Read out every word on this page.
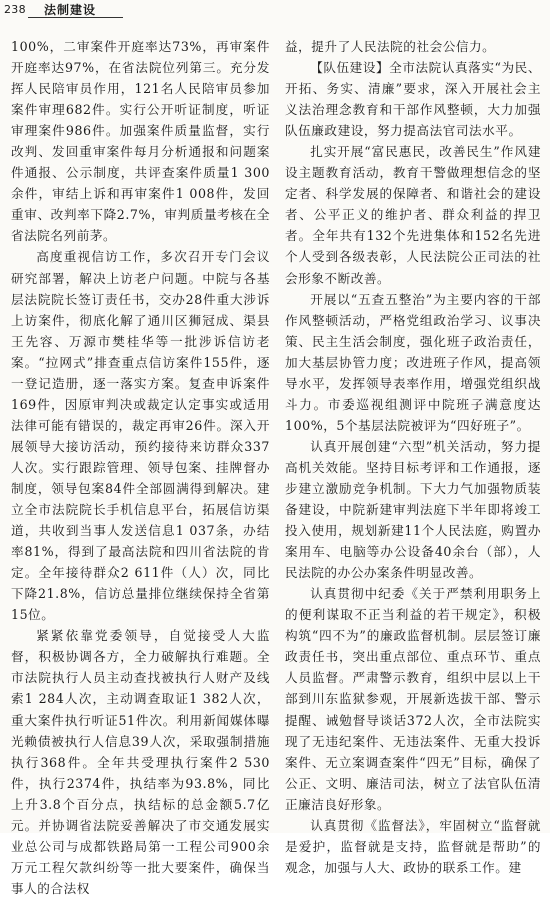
238 法制建设

100%，二审案件开庭率达73%，再审案件开庭率达97%，在省法院位列第三。充分发挥人民陪审员作用，121名人民陪审员参加案件审理682件。实行公开听证制度，听证审理案件986件。加强案件质量监督，实行改判、发回重审案件每月分析通报和问题案件通报、公示制度，共评查案件质量1 300余件，审结上诉和再审案件1 008件，发回重审、改判率下降2.7%，审判质量考核在全省法院名列前茅。

高度重视信访工作，多次召开专门会议研究部署，解决上访老户问题。中院与各基层法院院长签订责任书，交办28件重大涉诉上访案件，彻底化解了通川区狮冠成、渠县王先容、万源市樊桂华等一批涉诉信访老案。“拉网式”排查重点信访案件155件，逐一登记造册，逐一落实方案。复查申诉案件169件，因原审判决或裁定认定事实或适用法律可能有错误的，裁定再审26件。深入开展领导大接访活动，预约接待来访群众337人次。实行跟踪管理、领导包案、挂牌督办制度，领导包案84件全部圆满得到解决。建立全市法院院长手机信息平台，拓展信访渠道，共收到当事人发送信息1 037条，办结率81%，得到了最高法院和四川省法院的肯定。全年接待群众2 611件（人）次，同比下降21.8%，信访总量排位继续保持全省第15位。

紧紧依靠党委领导，自觉接受人大监督，积极协调各方，全力破解执行难题。全市法院执行人员主动查找被执行人财产及线索1 284人次，主动调查取证1 382人次，重大案件执行听证51件次。利用新闻媒体曝光赖债被执行人信息39人次，采取强制措施执行368件。全年共受理执行案件2 530件，执行2374件，执结率为93.8%，同比上升3.8个百分点，执结标的总金额5.7亿元。并协调省法院妥善解决了市交通发展实业总公司与成都铁路局第一工程公司900余万元工程欠款纠纷等一批大要案件，确保当事人的合法权

益，提升了人民法院的社会公信力。

【队伍建设】全市法院认真落实“为民、开拓、务实、清廉”要求，深入开展社会主义法治理念教育和干部作风整顿，大力加强队伍廉政建设，努力提高法官司法水平。

扎实开展“富民惠民，改善民生”作风建设主题教育活动，教育干警做理想信念的坚定者、科学发展的保障者、和谐社会的建设者、公平正义的维护者、群众利益的捍卫者。全年共有132个先进集体和152名先进个人受到各级表彰，人民法院公正司法的社会形象不断改善。

开展以“五查五整治”为主要内容的干部作风整顿活动，严格党组政治学习、议事决策、民主生活会制度，强化班子政治责任，加大基层协管力度；改进班子作风，提高领导水平，发挥领导表率作用，增强党组织战斗力。市委巡视组测评中院班子满意度达100%，5个基层法院被评为“四好班子”。

认真开展创建“六型”机关活动，努力提高机关效能。坚持目标考评和工作通报，逐步建立激励竞争机制。下大力气加强物质装备建设，中院新建审判法庭下半年即将竣工投入使用，规划新建11个人民法庭，购置办案用车、电脑等办公设备40余台（部），人民法院的办公办案条件明显改善。

认真贯彻中纪委《关于严禁利用职务上的便利谋取不正当利益的若干规定》，积极构筑“四不为”的廉政监督机制。层层签订廉政责任书，突出重点部位、重点环节、重点人员监督。严肃警示教育，组织中层以上干部到川东监狱参观，开展新选拔干部、警示提醒、诫勉督导谈话372人次，全市法院实现了无违纪案件、无违法案件、无重大投诉案件、无立案调查案件“四无”目标，确保了公正、文明、廉洁司法，树立了法官队伍清正廉洁良好形象。

认真贯彻《监督法》，牢固树立“监督就是爱护，监督就是支持，监督就是帮助”的观念，加强与人大、政协的联系工作。建
